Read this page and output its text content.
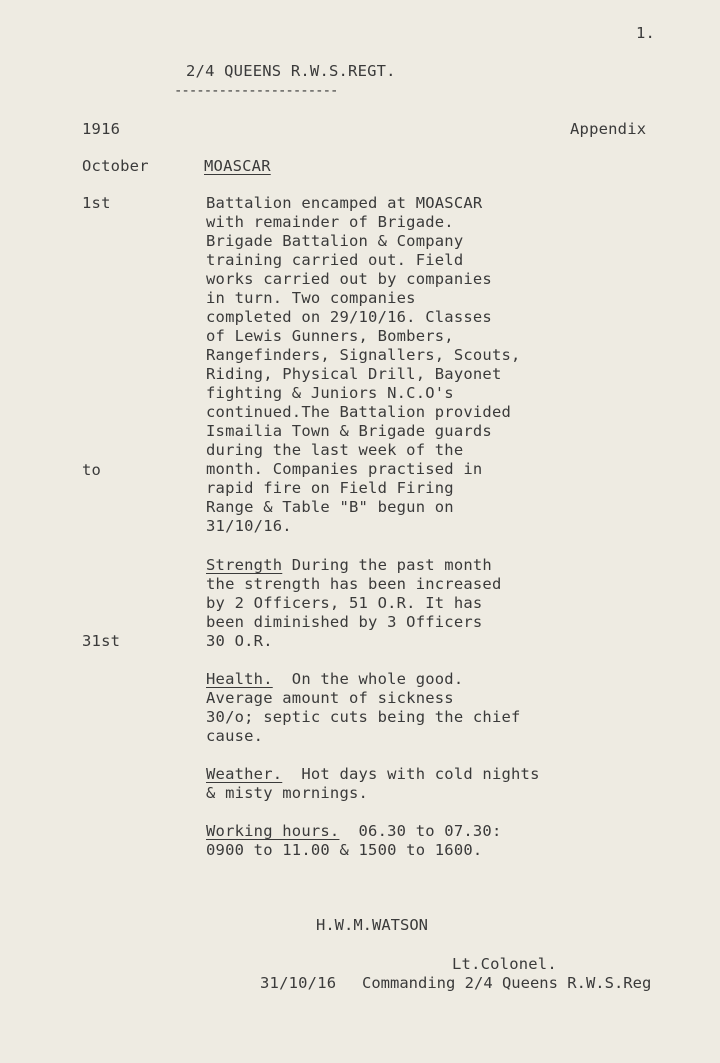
1.
2/4 QUEENS R.W.S.REGT.
----------------------
1916	Appendix
October	MOASCAR
1st
to
31st
Battalion encamped at MOASCAR
with remainder of Brigade.
Brigade Battalion & Company
training carried out. Field
works carried out by companies
in turn. Two companies
completed on 29/10/16. Classes
of Lewis Gunners, Bombers,
Rangefinders, Signallers, Scouts,
Riding, Physical Drill, Bayonet
fighting & Juniors N.C.O's
continued.The Battalion provided
Ismailia Town & Brigade guards
during the last week of the
month. Companies practised in
rapid fire on Field Firing
Range & Table "B" begun on
31/10/16.
Strength During the past month
the strength has been increased
by 2 Officers, 51 O.R. It has
been diminished by 3 Officers
30 O.R.
Health.  On the whole good.
Average amount of sickness
30/o; septic cuts being the chief
cause.
Weather.  Hot days with cold nights
& misty mornings.
Working hours.  06.30 to 07.30:
0900 to 11.00 & 1500 to 1600.
H.W.M.WATSON
Lt.Colonel.
31/10/16 Commanding 2/4 Queens R.W.S.Reg
